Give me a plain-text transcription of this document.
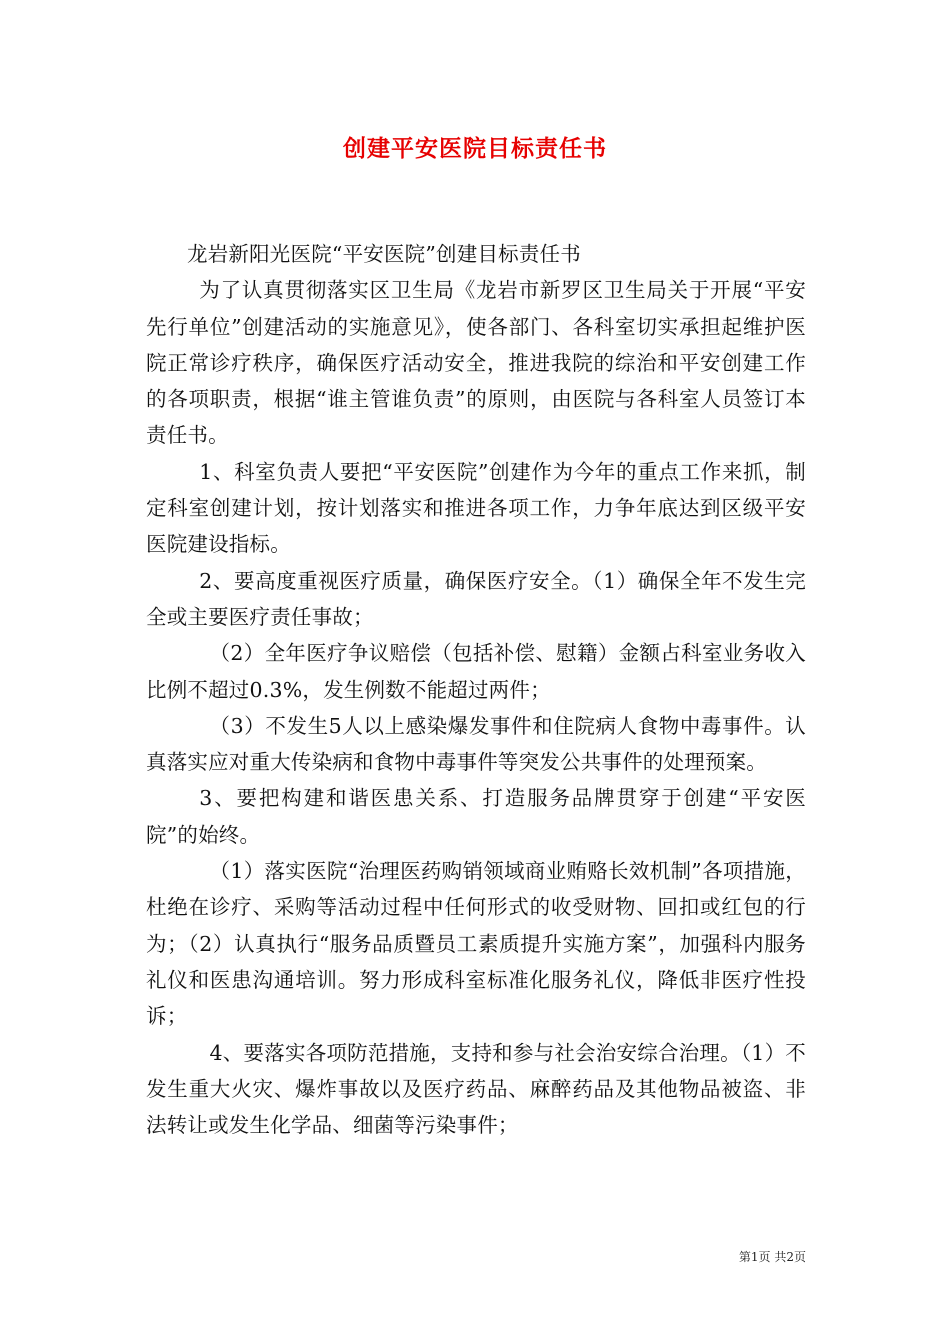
创建平安医院目标责任书

龙岩新阳光医院“平安医院”创建目标责任书

为了认真贯彻落实区卫生局《龙岩市新罗区卫生局关于开展“平安先行单位”创建活动的实施意见》，使各部门、各科室切实承担起维护医院正常诊疗秩序，确保医疗活动安全，推进我院的综治和平安创建工作的各项职责，根据“谁主管谁负责”的原则，由医院与各科室人员签订本责任书。

1、科室负责人要把“平安医院”创建作为今年的重点工作来抓，制定科室创建计划，按计划落实和推进各项工作，力争年底达到区级平安医院建设指标。

2、要高度重视医疗质量，确保医疗安全。（1）确保全年不发生完全或主要医疗责任事故；

（2）全年医疗争议赔偿（包括补偿、慰籍）金额占科室业务收入比例不超过0.3%，发生例数不能超过两件；

（3）不发生5人以上感染爆发事件和住院病人食物中毒事件。认真落实应对重大传染病和食物中毒事件等突发公共事件的处理预案。

3、要把构建和谐医患关系、打造服务品牌贯穿于创建“平安医院”的始终。

（1）落实医院“治理医药购销领域商业贿赂长效机制”各项措施，杜绝在诊疗、采购等活动过程中任何形式的收受财物、回扣或红包的行为；（2）认真执行“服务品质暨员工素质提升实施方案”，加强科内服务礼仪和医患沟通培训。努力形成科室标准化服务礼仪，降低非医疗性投诉；

4、要落实各项防范措施，支持和参与社会治安综合治理。（1）不发生重大火灾、爆炸事故以及医疗药品、麻醉药品及其他物品被盗、非法转让或发生化学品、细菌等污染事件；

第1页 共2页
